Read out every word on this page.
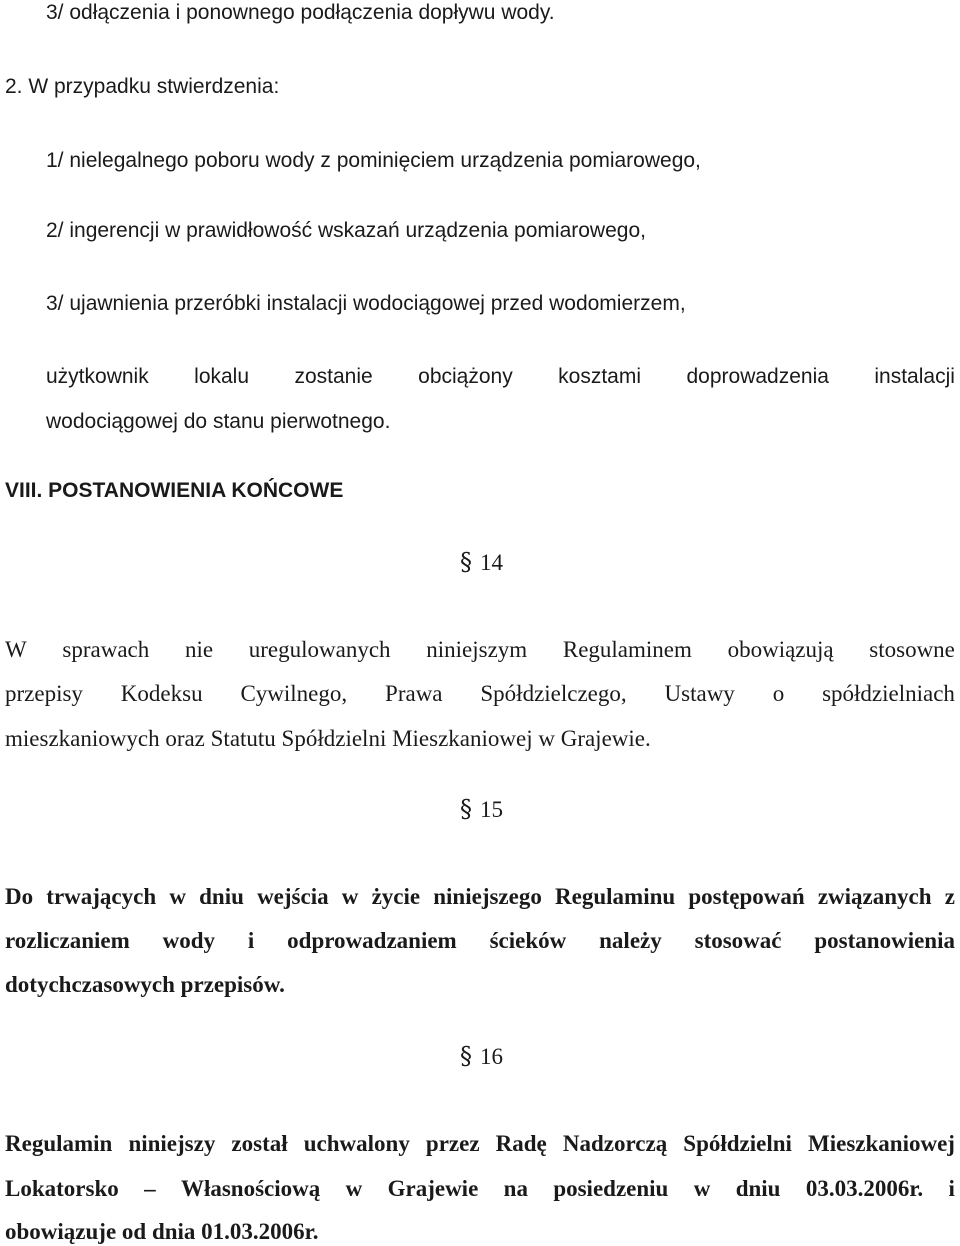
3/ odłączenia i ponownego podłączenia dopływu wody.
2. W przypadku stwierdzenia:
1/ nielegalnego poboru wody z pominięciem urządzenia pomiarowego,
2/ ingerencji w prawidłowość wskazań urządzenia pomiarowego,
3/ ujawnienia przeróbki instalacji wodociągowej przed wodomierzem,
użytkownik lokalu zostanie obciążony kosztami doprowadzenia instalacji
wodociągowej do stanu pierwotnego.
VIII. POSTANOWIENIA KOŃCOWE
§ 14
W sprawach nie uregulowanych niniejszym Regulaminem obowiązują stosowne
przepisy Kodeksu Cywilnego, Prawa Spółdzielczego, Ustawy o spółdzielniach
mieszkaniowych oraz Statutu Spółdzielni Mieszkaniowej w Grajewie.
§ 15
Do trwających w dniu wejścia w życie niniejszego Regulaminu postępowań związanych z
rozliczaniem wody i odprowadzaniem ścieków należy stosować postanowienia
dotychczasowych przepisów.
§ 16
Regulamin niniejszy został uchwalony przez Radę Nadzorczą Spółdzielni Mieszkaniowej
Lokatorsko – Własnościową w Grajewie na posiedzeniu w dniu 03.03.2006r. i
obowiązuje od dnia 01.03.2006r.
